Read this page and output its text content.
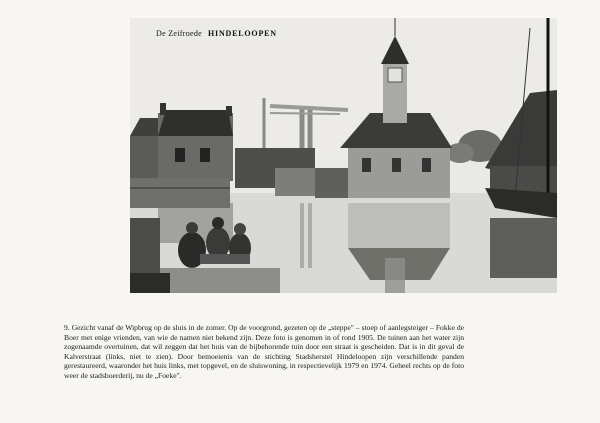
De Zeifroede HINDELOOPEN

9. Gezicht vanaf de Wipbrug op de sluis in de zomer. Op de voorgrond, gezeten op de „steppe" – stoep of aanlegsteiger – Fokke de Boer met enige vrienden, van wie de namen niet bekend zijn. Deze foto is genomen in of rond 1905. De tuinen aan het water zijn zogenaamde overtuinen, dat wil zeggen dat het huis van de bijbehorende tuin door een straat is gescheiden. Dat is in dit geval de Kalverstraat (links, niet te zien). Door bemoeienis van de stichting Stadsherstel Hindeloopen zijn verschillende panden gerestaureerd, waaronder het huis links, met topgevel, en de sluiswoning, in respectievelijk 1979 en 1974. Geheel rechts op de foto weer de stadsboerderij, nu de „Foeke".
